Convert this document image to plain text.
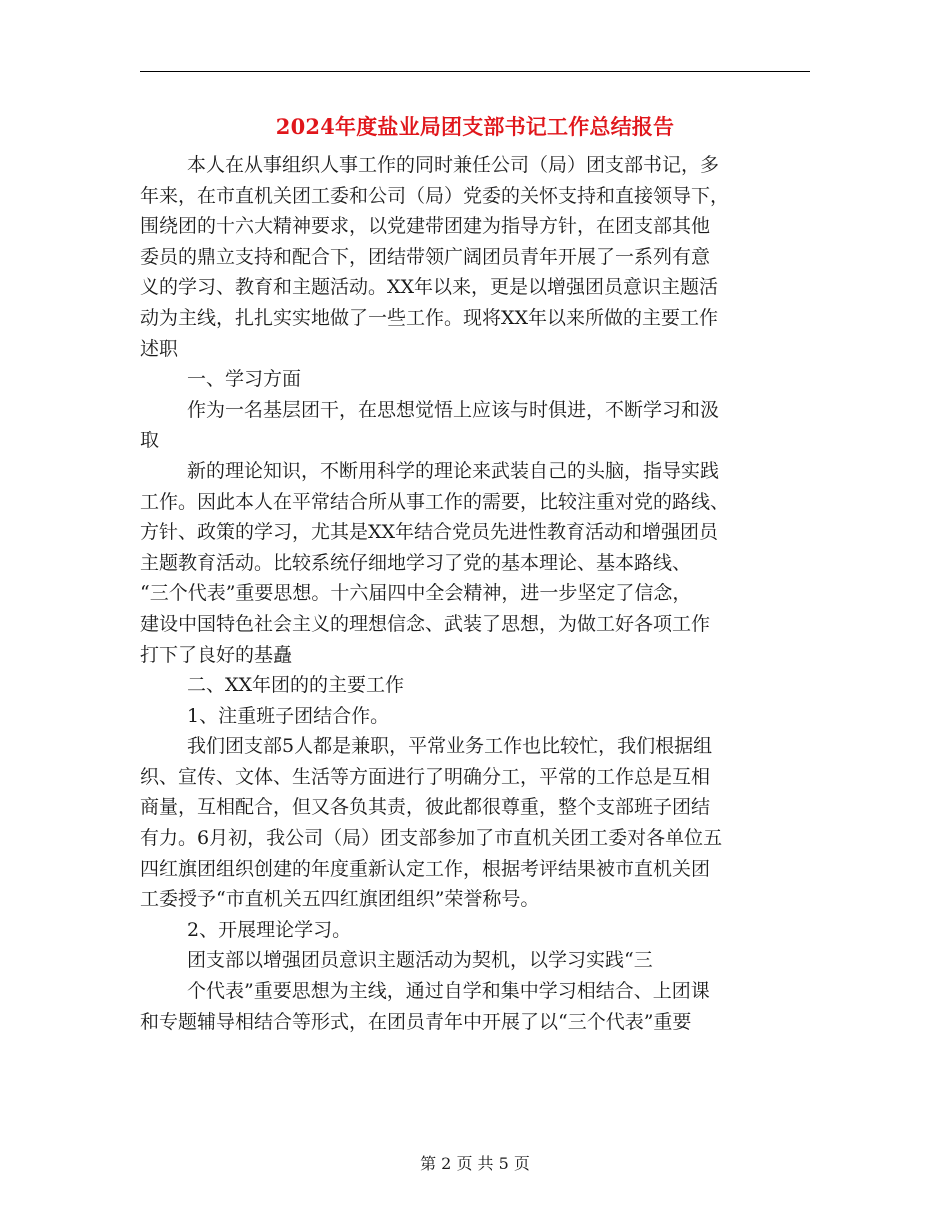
2024年度盐业局团支部书记工作总结报告

本人在从事组织人事工作的同时兼任公司（局）团支部书记，多

年来，在市直机关团工委和公司（局）党委的关怀支持和直接领导下，

围绕团的十六大精神要求，以党建带团建为指导方针，在团支部其他

委员的鼎立支持和配合下，团结带领广阔团员青年开展了一系列有意

义的学习、教育和主题活动。XX年以来，更是以增强团员意识主题活

动为主线，扎扎实实地做了一些工作。现将XX年以来所做的主要工作

述职

一、学习方面

作为一名基层团干，在思想觉悟上应该与时俱进，不断学习和汲

取

新的理论知识，不断用科学的理论来武装自己的头脑，指导实践

工作。因此本人在平常结合所从事工作的需要，比较注重对党的路线、

方针、政策的学习，尤其是XX年结合党员先进性教育活动和增强团员

主题教育活动。比较系统仔细地学习了党的基本理论、基本路线、

“三个代表”重要思想。十六届四中全会精神，进一步坚定了信念，

建设中国特色社会主义的理想信念、武装了思想，为做工好各项工作

打下了良好的基矗

二、XX年团的的主要工作

1、注重班子团结合作。

我们团支部5人都是兼职，平常业务工作也比较忙，我们根据组

织、宣传、文体、生活等方面进行了明确分工，平常的工作总是互相

商量，互相配合，但又各负其责，彼此都很尊重，整个支部班子团结

有力。6月初，我公司（局）团支部参加了市直机关团工委对各单位五

四红旗团组织创建的年度重新认定工作，根据考评结果被市直机关团

工委授予“市直机关五四红旗团组织”荣誉称号。

2、开展理论学习。

团支部以增强团员意识主题活动为契机，以学习实践“三

个代表”重要思想为主线，通过自学和集中学习相结合、上团课

和专题辅导相结合等形式，在团员青年中开展了以“三个代表”重要

第 2 页 共 5 页
